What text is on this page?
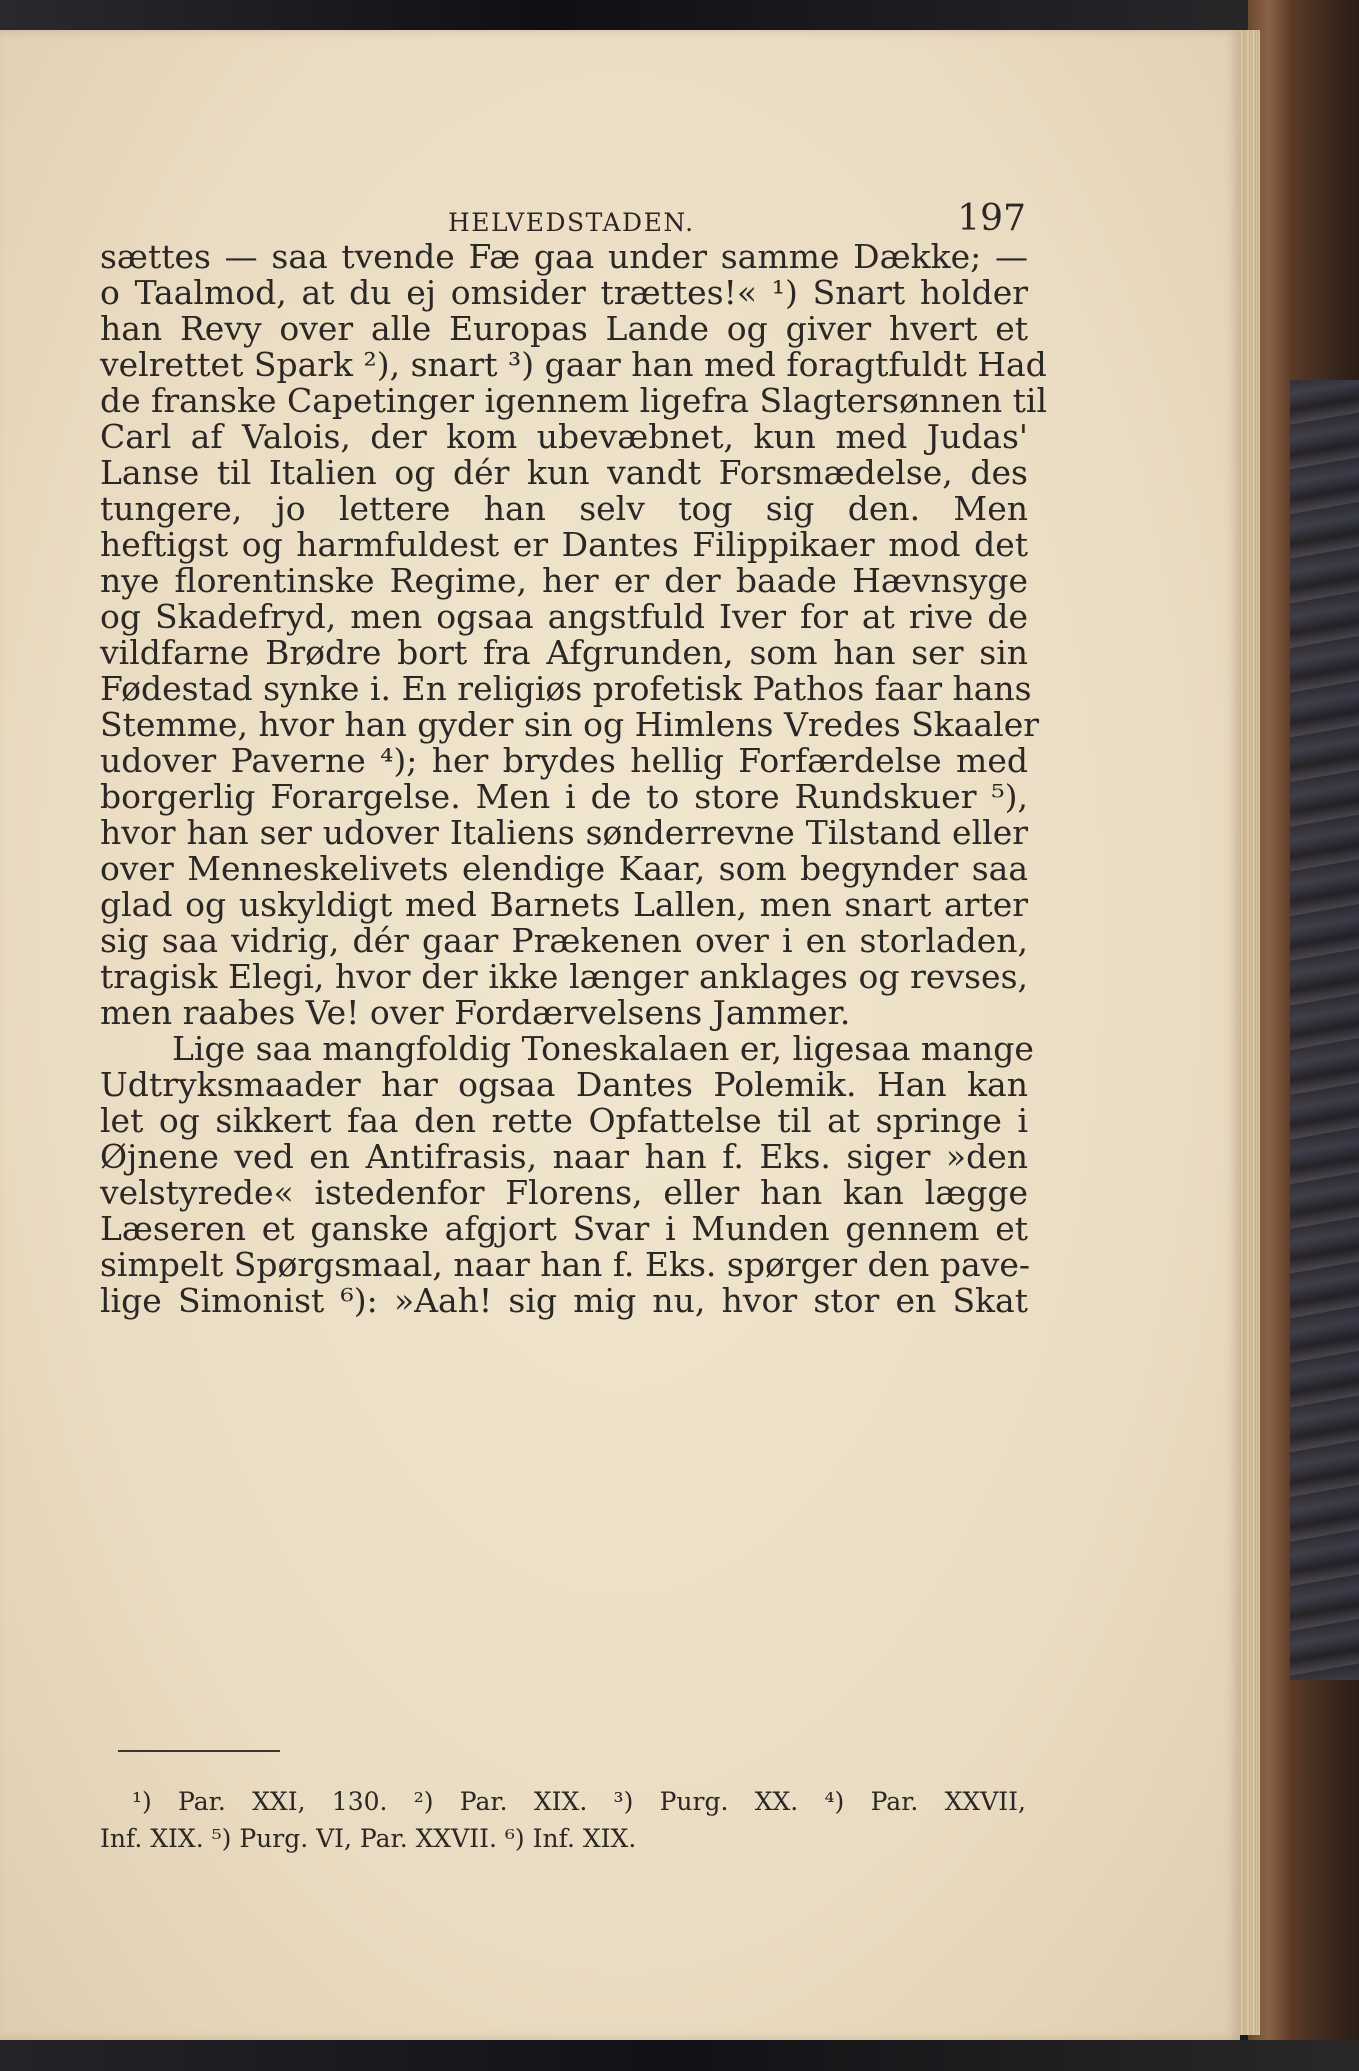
HELVEDSTADEN.	197
sættes — saa tvende Fæ gaa under samme Dække; —
o Taalmod, at du ej omsider trættes!« ¹) Snart holder
han Revy over alle Europas Lande og giver hvert et
velrettet Spark ²), snart ³) gaar han med foragtfuldt Had
de franske Capetinger igennem ligefra Slagtersønnen til
Carl af Valois, der kom ubevæbnet, kun med Judas'
Lanse til Italien og dér kun vandt Forsmædelse, des
tungere, jo lettere han selv tog sig den. Men
heftigst og harmfuldest er Dantes Filippikaer mod det
nye florentinske Regime, her er der baade Hævnsyge
og Skadefryd, men ogsaa angstfuld Iver for at rive de
vildfarne Brødre bort fra Afgrunden, som han ser sin
Fødestad synke i. En religiøs profetisk Pathos faar hans
Stemme, hvor han gyder sin og Himlens Vredes Skaaler
udover Paverne ⁴); her brydes hellig Forfærdelse med
borgerlig Forargelse. Men i de to store Rundskuer ⁵),
hvor han ser udover Italiens sønderrevne Tilstand eller
over Menneskelivets elendige Kaar, som begynder saa
glad og uskyldigt med Barnets Lallen, men snart arter
sig saa vidrig, dér gaar Prækenen over i en storladen,
tragisk Elegi, hvor der ikke længer anklages og revses,
men raabes Ve! over Fordærvelsens Jammer.
Lige saa mangfoldig Toneskalaen er, ligesaa mange
Udtryksmaader har ogsaa Dantes Polemik. Han kan
let og sikkert faa den rette Opfattelse til at springe i
Øjnene ved en Antifrasis, naar han f. Eks. siger »den
velstyrede« istedenfor Florens, eller han kan lægge
Læseren et ganske afgjort Svar i Munden gennem et
simpelt Spørgsmaal, naar han f. Eks. spørger den pave-
lige Simonist ⁶): »Aah! sig mig nu, hvor stor en Skat
¹) Par. XXI, 130. ²) Par. XIX. ³) Purg. XX. ⁴) Par. XXVII,
Inf. XIX. ⁵) Purg. VI, Par. XXVII. ⁶) Inf. XIX.
